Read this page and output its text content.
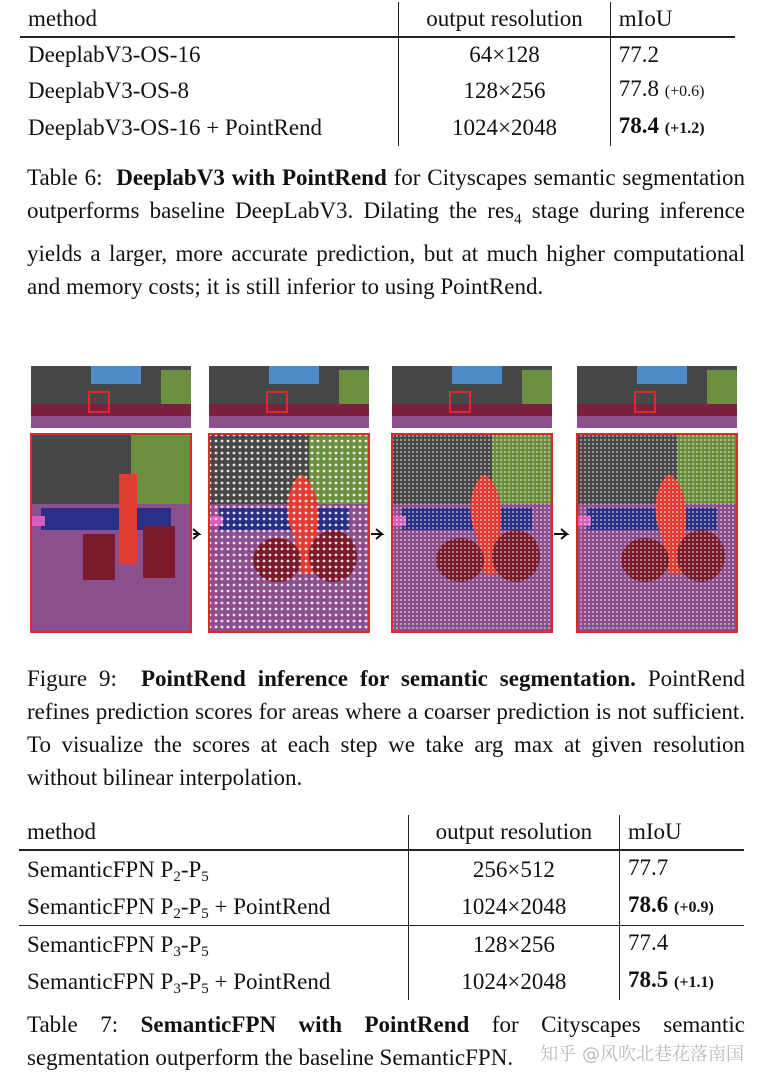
method	output resolution	mIoU
DeeplabV3-OS-16	64×128	77.2
DeeplabV3-OS-8	128×256	77.8 (+0.6)
DeeplabV3-OS-16 + PointRend	1024×2048	78.4 (+1.2)
Table 6: DeeplabV3 with PointRend for Cityscapes semantic segmentation outperforms baseline DeepLabV3. Dilating the res$_4$ stage during inference yields a larger, more accurate prediction, but at much higher computational and memory costs; it is still inferior to using PointRend.
Figure 9: PointRend inference for semantic segmentation. PointRend refines prediction scores for areas where a coarser prediction is not sufficient. To visualize the scores at each step we take arg max at given resolution without bilinear interpolation.
method	output resolution	mIoU
SemanticFPN $P_2-P_5$	256×512	77.7
SemanticFPN $P_2-P_5$ + PointRend	1024×2048	78.6 (+0.9)
SemanticFPN $P_3-P_5$	128×256	77.4
SemanticFPN $P_3-P_5$ + PointRend	1024×2048	78.5 (+1.1)
Table 7: SemanticFPN with PointRend for Cityscapes semantic segmentation outperform the baseline SemanticFPN.	知乎 @风吹北巷花落南国
